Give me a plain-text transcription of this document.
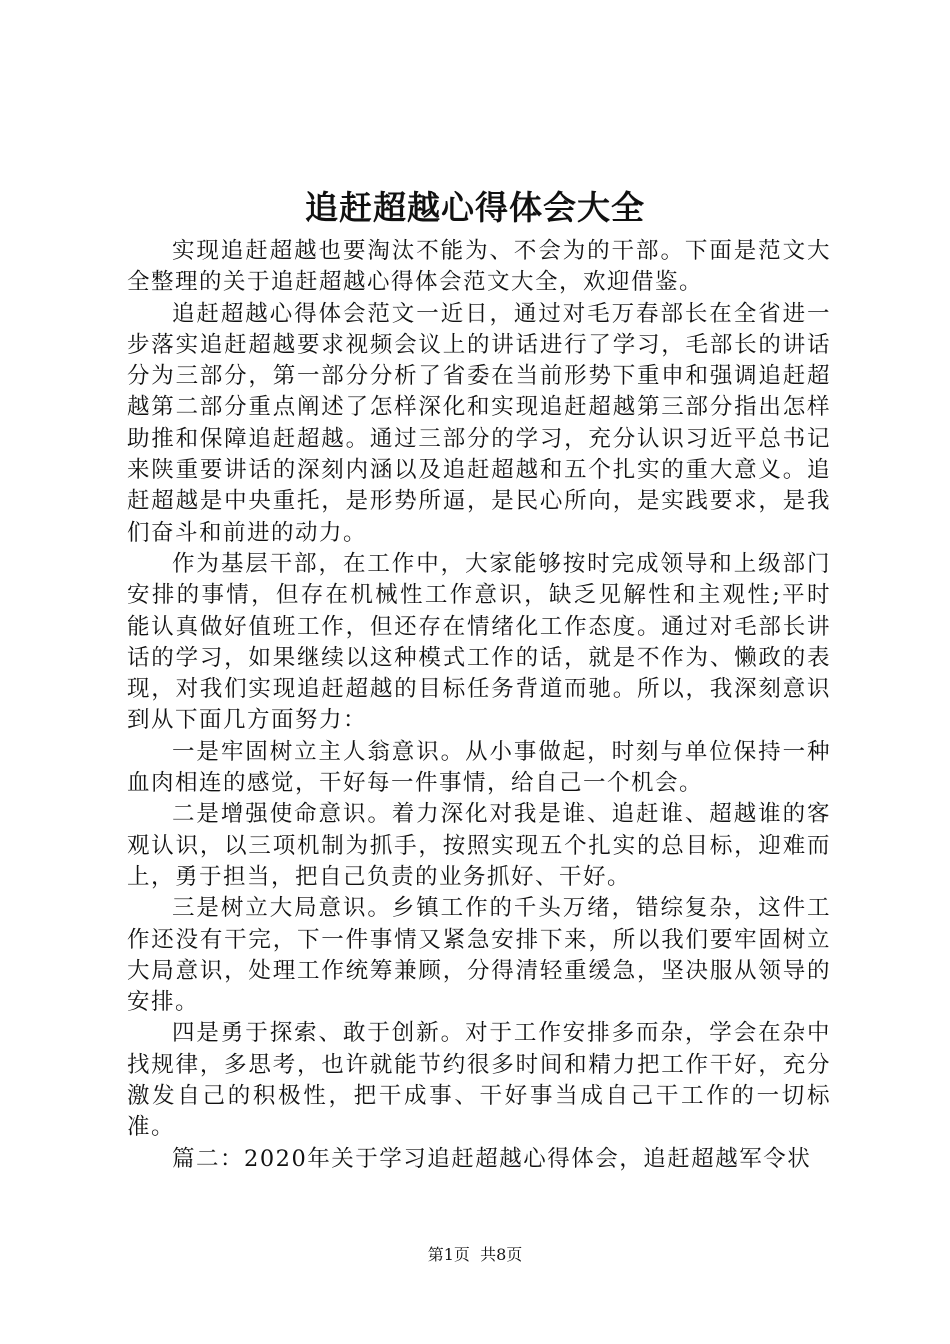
追赶超越心得体会大全

实现追赶超越也要淘汰不能为、不会为的干部。下面是范文大全整理的关于追赶超越心得体会范文大全，欢迎借鉴。

追赶超越心得体会范文一近日，通过对毛万春部长在全省进一步落实追赶超越要求视频会议上的讲话进行了学习，毛部长的讲话分为三部分，第一部分分析了省委在当前形势下重申和强调追赶超越第二部分重点阐述了怎样深化和实现追赶超越第三部分指出怎样助推和保障追赶超越。通过三部分的学习，充分认识习近平总书记来陕重要讲话的深刻内涵以及追赶超越和五个扎实的重大意义。追赶超越是中央重托，是形势所逼，是民心所向，是实践要求，是我们奋斗和前进的动力。

作为基层干部，在工作中，大家能够按时完成领导和上级部门安排的事情，但存在机械性工作意识，缺乏见解性和主观性;平时能认真做好值班工作，但还存在情绪化工作态度。通过对毛部长讲话的学习，如果继续以这种模式工作的话，就是不作为、懒政的表现，对我们实现追赶超越的目标任务背道而驰。所以，我深刻意识到从下面几方面努力：

一是牢固树立主人翁意识。从小事做起，时刻与单位保持一种血肉相连的感觉，干好每一件事情，给自己一个机会。

二是增强使命意识。着力深化对我是谁、追赶谁、超越谁的客观认识，以三项机制为抓手，按照实现五个扎实的总目标，迎难而上，勇于担当，把自己负责的业务抓好、干好。

三是树立大局意识。乡镇工作的千头万绪，错综复杂，这件工作还没有干完，下一件事情又紧急安排下来，所以我们要牢固树立大局意识，处理工作统筹兼顾，分得清轻重缓急，坚决服从领导的安排。

四是勇于探索、敢于创新。对于工作安排多而杂，学会在杂中找规律，多思考，也许就能节约很多时间和精力把工作干好，充分激发自己的积极性，把干成事、干好事当成自己干工作的一切标准。

篇二：2020年关于学习追赶超越心得体会，追赶超越军令状

第1页 共8页
